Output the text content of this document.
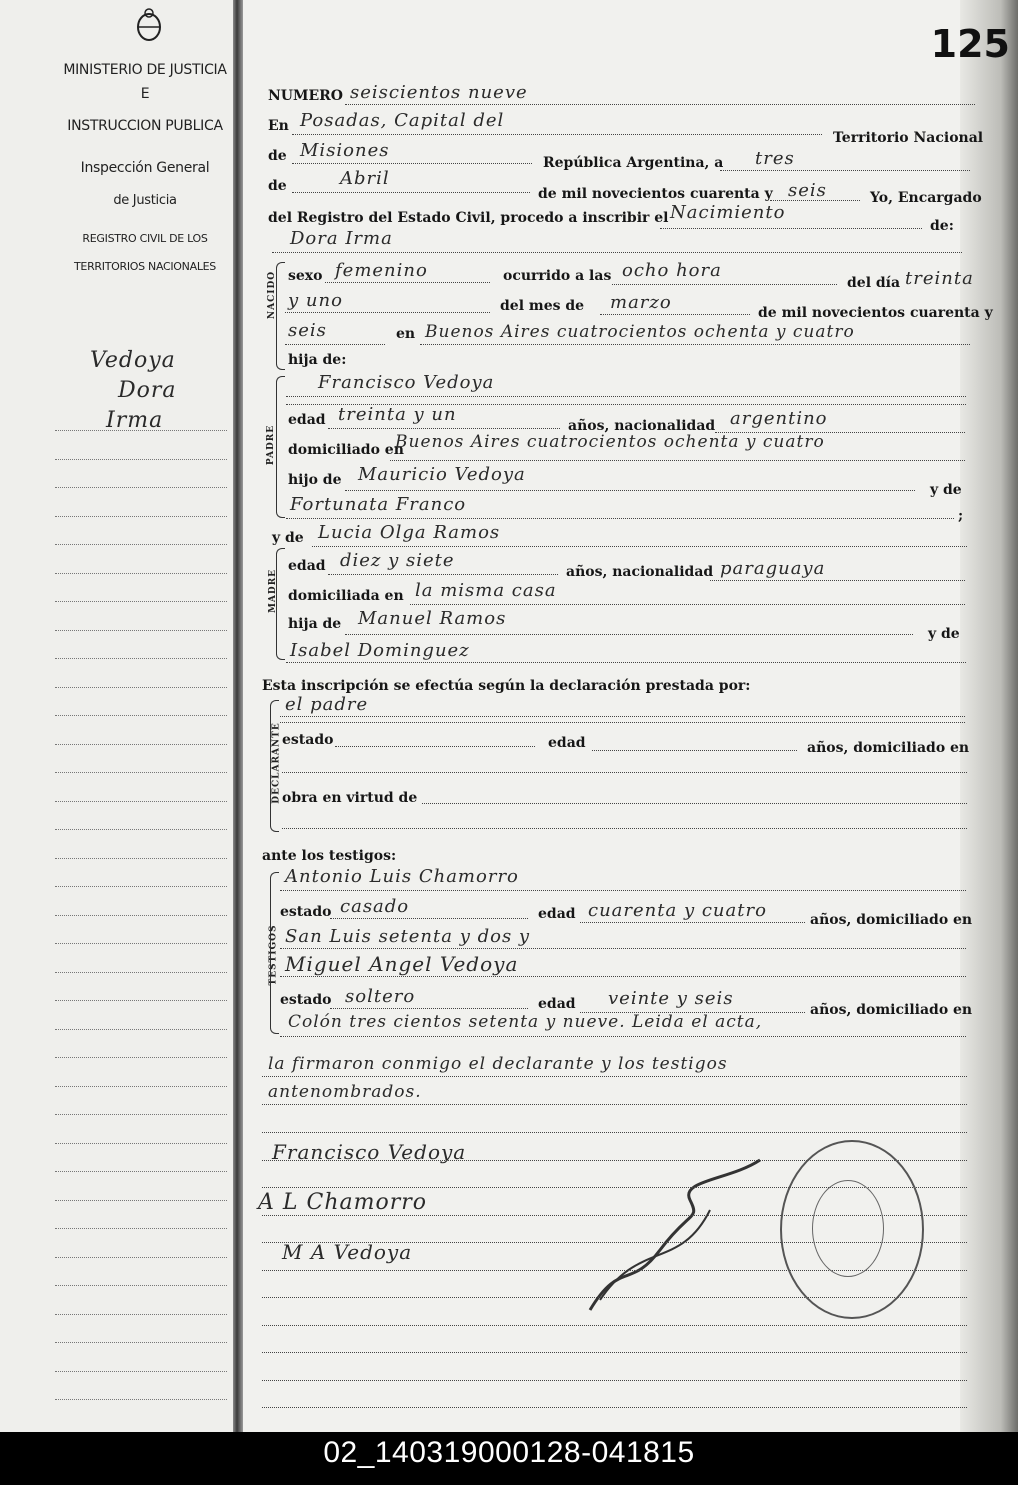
MINISTERIO DE JUSTICIA
E
INSTRUCCION PUBLICA
Inspección General
de Justicia
REGISTRO CIVIL DE LOS
TERRITORIOS NACIONALES
Vedoya
Dora
Irma
125
NUMERO seiscientos nueve
En Posadas, Capital del
Territorio Nacional
de Misiones
República Argentina, a tres
de	Abril
de mil novecientos cuarenta y seis	Yo, Encargado
del Registro del Estado Civil, procedo a inscribir el Nacimiento
de:
Dora Irma
NACIDO sexo femenino	ocurrido a las ocho hora
del día treinta
y uno	del mes de marzo	de mil novecientos cuarenta y
seis	en Buenos Aires cuatrocientos ochenta y cuatro
hija de:
PADRE
Francisco Vedoya
edad treinta y un
años, nacionalidad argentino
domiciliado en
Buenos Aires cuatrocientos ochenta y cuatro
hijo de Mauricio Vedoya
y de
Fortunata Franco
;
MADRE
y de Lucia Olga Ramos
edad diez y siete
años, nacionalidad paraguaya
domiciliada en la misma casa
hija de Manuel Ramos
y de
Isabel Dominguez
Esta inscripción se efectúa según la declaración prestada por:
DECLARANTE
el padre
estado	edad	años, domiciliado en
obra en virtud de
ante los testigos:
TESTIGOS
Antonio Luis Chamorro
estado casado	edad cuarenta y cuatro	años, domiciliado en
San Luis setenta y dos y
Miguel Angel Vedoya
estado soltero	edad veinte y seis
años, domiciliado en
Colón tres cientos setenta y nueve. Leida el acta,
la firmaron conmigo el declarante y los testigos
antenombrados.
Francisco Vedoya
A L Chamorro
M A Vedoya
02_140319000128-041815
